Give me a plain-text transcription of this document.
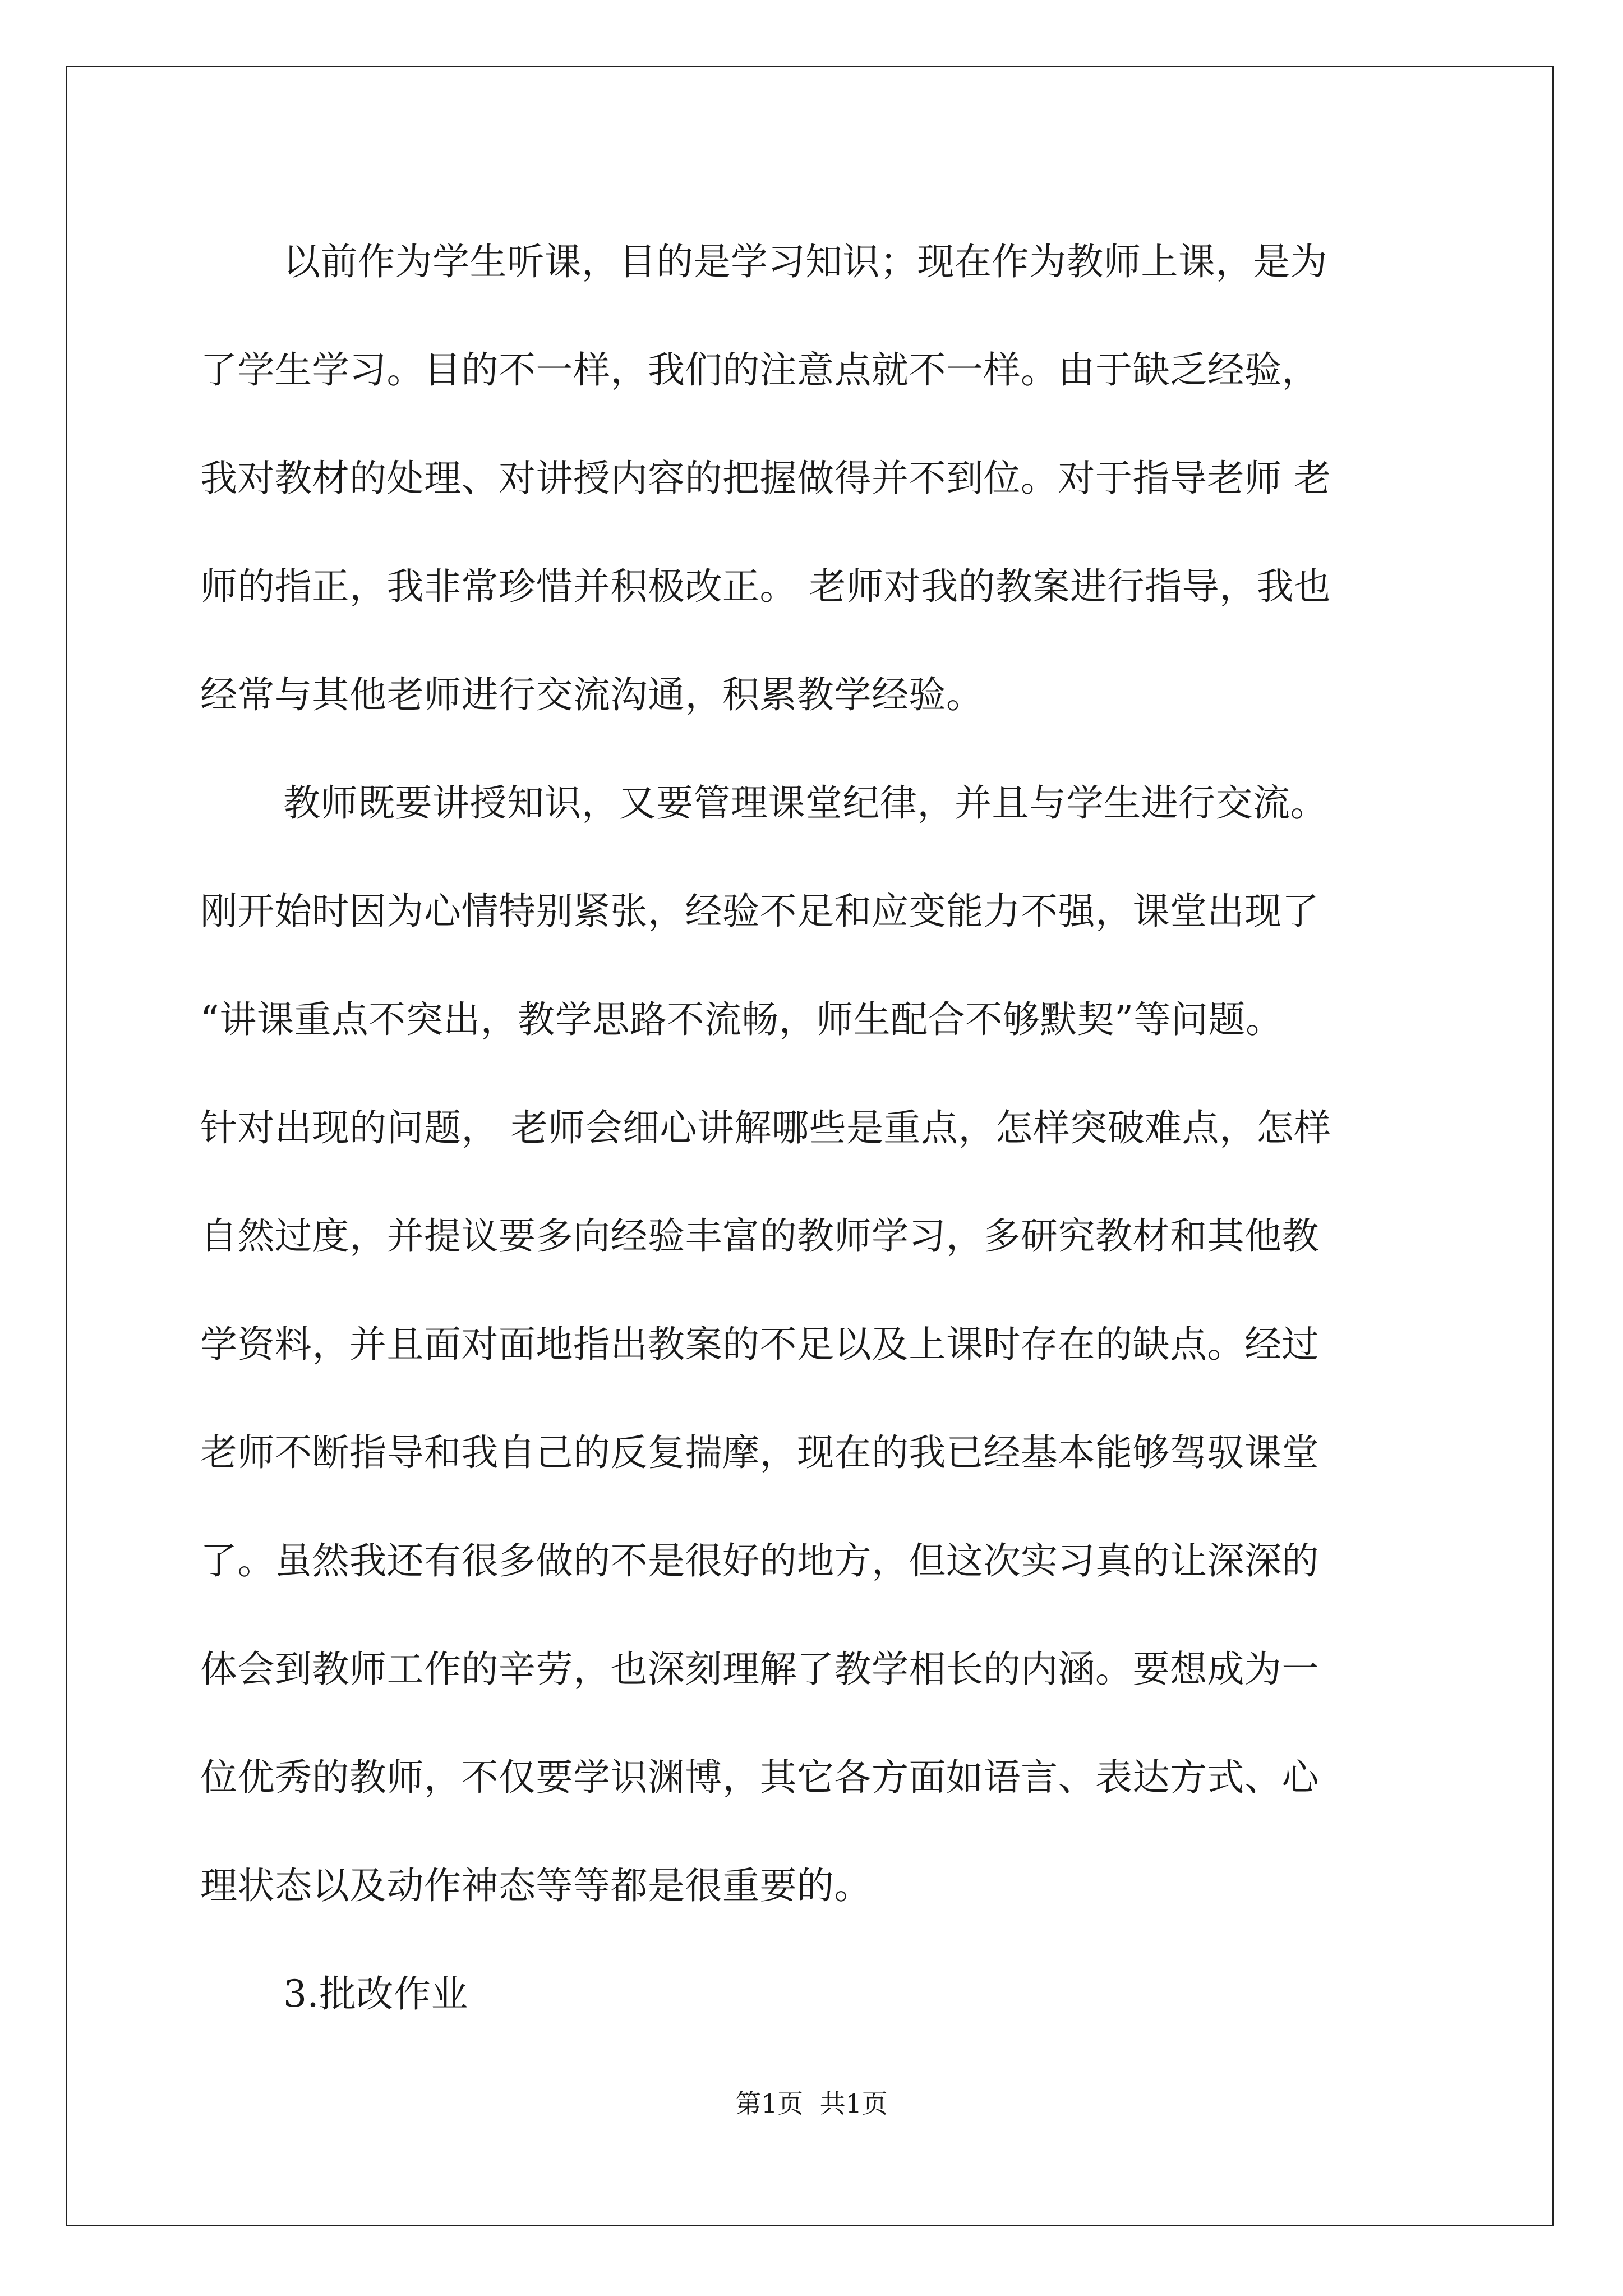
以前作为学生听课，目的是学习知识；现在作为教师上课，是为
了学生学习。目的不一样，我们的注意点就不一样。由于缺乏经验，
我对教材的处理、对讲授内容的把握做得并不到位。对于指导老师 老
师的指正，我非常珍惜并积极改正。 老师对我的教案进行指导，我也
经常与其他老师进行交流沟通，积累教学经验。
教师既要讲授知识，又要管理课堂纪律，并且与学生进行交流。
刚开始时因为心情特别紧张，经验不足和应变能力不强，课堂出现了
“讲课重点不突出，教学思路不流畅，师生配合不够默契”等问题。
针对出现的问题， 老师会细心讲解哪些是重点，怎样突破难点，怎样
自然过度，并提议要多向经验丰富的教师学习，多研究教材和其他教
学资料，并且面对面地指出教案的不足以及上课时存在的缺点。经过
老师不断指导和我自己的反复揣摩，现在的我已经基本能够驾驭课堂
了。虽然我还有很多做的不是很好的地方，但这次实习真的让深深的
体会到教师工作的辛劳，也深刻理解了教学相长的内涵。要想成为一
位优秀的教师，不仅要学识渊博，其它各方面如语言、表达方式、心
理状态以及动作神态等等都是很重要的。
3.批改作业
第1页  共1页
